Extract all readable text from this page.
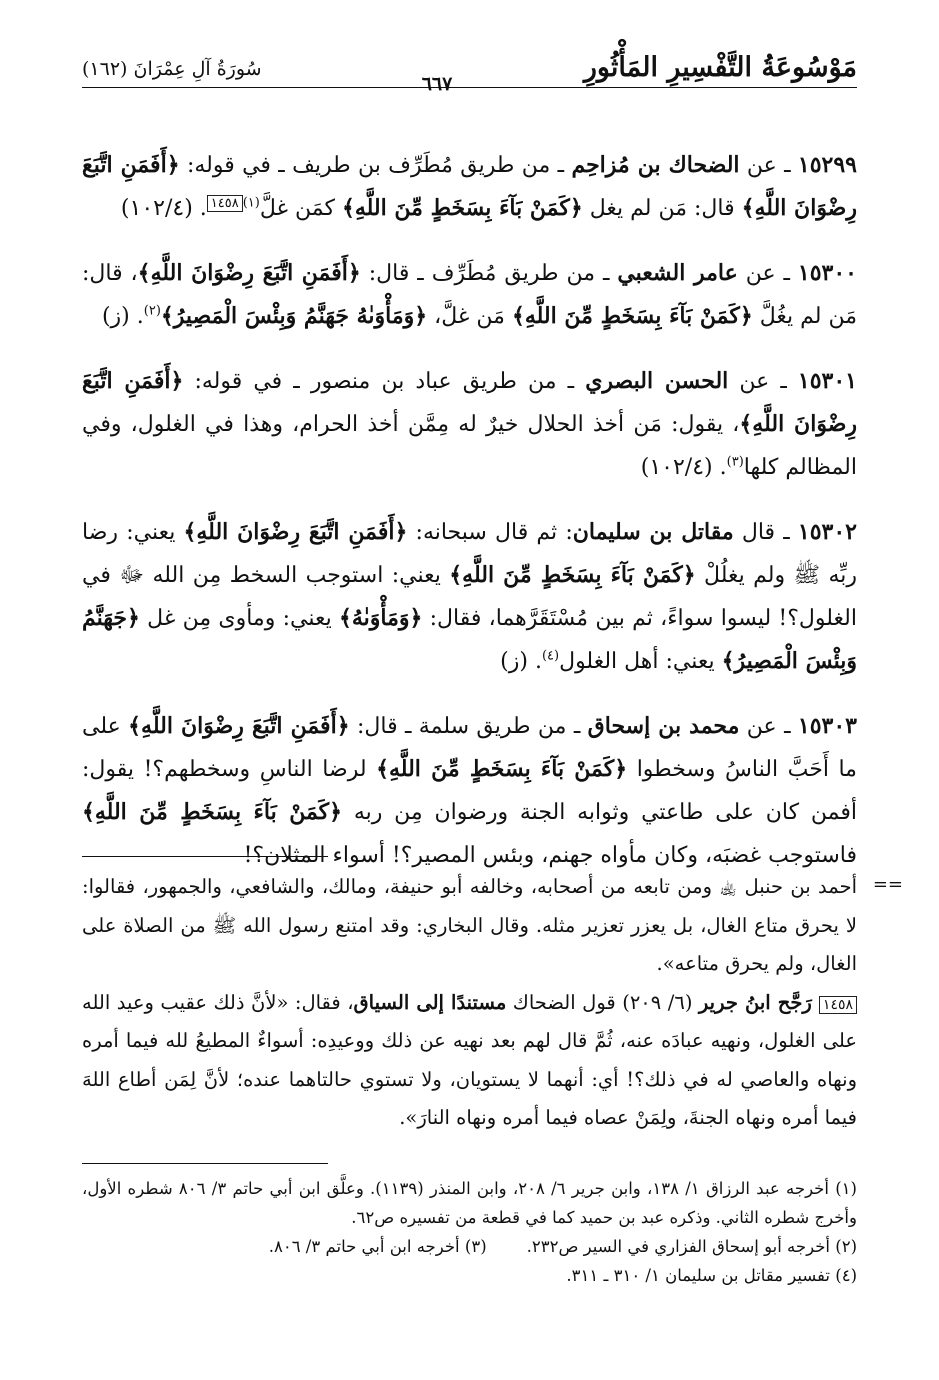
مَوْسُوعَةُ التَّفْسِيرِ المَأْثُورِ
سُورَةُ آلِ عِمْرَانَ (١٦٢)
٦٦٧

١٥٢٩٩ ـ عن الضحاك بن مُزاحِم ـ من طريق مُطَرِّف بن طريف ـ في قوله: ﴿أَفَمَنِ اتَّبَعَ رِضْوَانَ اللَّهِ﴾ قال: مَن لم يغل ﴿كَمَنْ بَآءَ بِسَخَطٍ مِّنَ اللَّهِ﴾ كمَن غلَّ$^{(١)}$١٤٥٨. (١٠٢/٤)

١٥٣٠٠ ـ عن عامر الشعبي ـ من طريق مُطَرِّف ـ قال: ﴿أَفَمَنِ اتَّبَعَ رِضْوَانَ اللَّهِ﴾، قال: مَن لم يغُلَّ ﴿كَمَنْ بَآءَ بِسَخَطٍ مِّنَ اللَّهِ﴾ مَن غلَّ، ﴿وَمَأْوَىٰهُ جَهَنَّمُ وَبِئْسَ الْمَصِيرُ﴾$^{(٢)}$. (ز)

١٥٣٠١ ـ عن الحسن البصري ـ من طريق عباد بن منصور ـ في قوله: ﴿أَفَمَنِ اتَّبَعَ رِضْوَانَ اللَّهِ﴾، يقول: مَن أخذ الحلال خيرٌ له مِمَّن أخذ الحرام، وهذا في الغلول، وفي المظالم كلها$^{(٣)}$. (١٠٢/٤)

١٥٣٠٢ ـ قال مقاتل بن سليمان: ثم قال سبحانه: ﴿أَفَمَنِ اتَّبَعَ رِضْوَانَ اللَّهِ﴾ يعني: رضا ربِّه ﷺ ولم يغلُلْ ﴿كَمَنْ بَآءَ بِسَخَطٍ مِّنَ اللَّهِ﴾ يعني: استوجب السخط مِن الله ﷻ في الغلول؟! ليسوا سواءً، ثم بين مُسْتَقَرَّهما، فقال: ﴿وَمَأْوَىٰهُ﴾ يعني: ومأوى مِن غل ﴿جَهَنَّمُ وَبِئْسَ الْمَصِيرُ﴾ يعني: أهل الغلول$^{(٤)}$. (ز)

١٥٣٠٣ ـ عن محمد بن إسحاق ـ من طريق سلمة ـ قال: ﴿أَفَمَنِ اتَّبَعَ رِضْوَانَ اللَّهِ﴾ على ما أَحَبَّ الناسُ وسخطوا ﴿كَمَنْ بَآءَ بِسَخَطٍ مِّنَ اللَّهِ﴾ لرضا الناسِ وسخطهم؟! يقول: أفمن كان على طاعتي وثوابه الجنة ورضوان مِن ربه ﴿كَمَنْ بَآءَ بِسَخَطٍ مِّنَ اللَّهِ﴾ فاستوجب غضبَه، وكان مأواه جهنم، وبئس المصير؟! أسواء المثلان؟!

==

أحمد بن حنبل ﵀ ومن تابعه من أصحابه، وخالفه أبو حنيفة، ومالك، والشافعي، والجمهور، فقالوا: لا يحرق متاع الغال، بل يعزر تعزير مثله. وقال البخاري: وقد امتنع رسول الله ﷺ من الصلاة على الغال، ولم يحرق متاعه».

١٤٥٨ رَجَّح ابنُ جرير (٦/ ٢٠٩) قول الضحاك مستندًا إلى السياق، فقال: «لأنَّ ذلك عقيب وعيد الله على الغلول، ونهيه عبادَه عنه، ثُمَّ قال لهم بعد نهيه عن ذلك ووعيدِه: أسواءٌ المطيعُ لله فيما أمره ونهاه والعاصي له في ذلك؟! أي: أنهما لا يستويان، ولا تستوي حالتاهما عنده؛ لأنَّ لِمَن أطاع اللهَ فيما أمره ونهاه الجنةَ، ولِمَنْ عصاه فيما أمره ونهاه النارَ».

(١) أخرجه عبد الرزاق ١/ ١٣٨، وابن جرير ٦/ ٢٠٨، وابن المنذر (١١٣٩). وعلَّق ابن أبي حاتم ٣/ ٨٠٦ شطره الأول، وأخرج شطره الثاني. وذكره عبد بن حميد كما في قطعة من تفسيره ص٦٢.

(٢) أخرجه أبو إسحاق الفزاري في السير ص٢٣٢.
(٣) أخرجه ابن أبي حاتم ٣/ ٨٠٦.

(٤) تفسير مقاتل بن سليمان ١/ ٣١٠ ـ ٣١١.
